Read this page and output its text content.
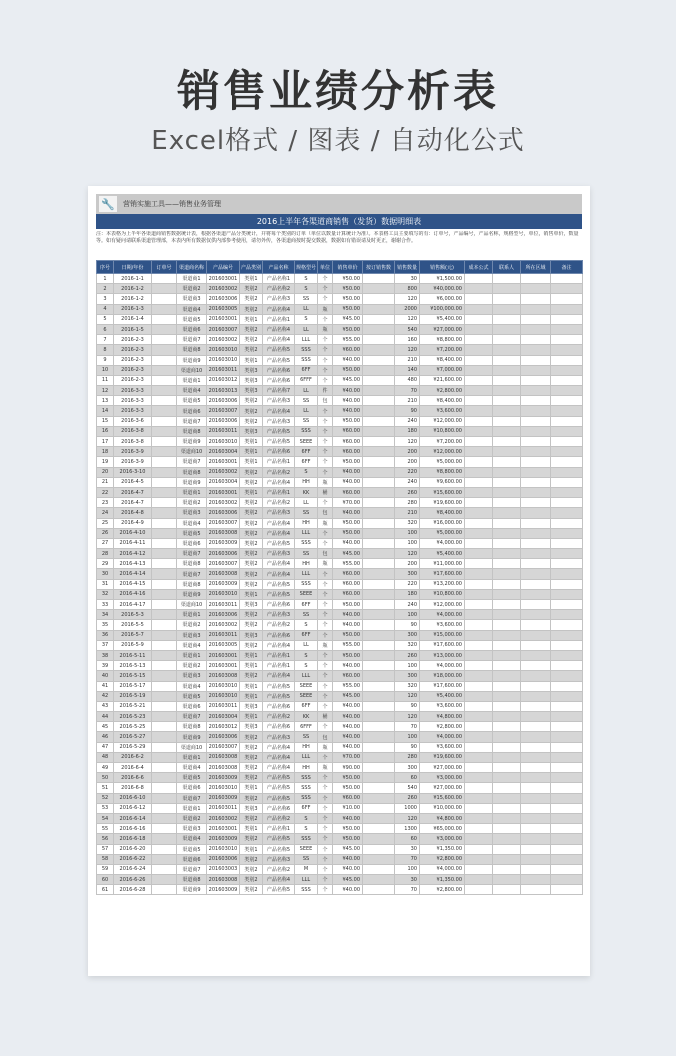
销售业绩分析表
Excel格式 / 图表 / 自动化公式
🔧	营销实施工具——销售业务管理
2016上半年各渠道商销售（发货）数据明细表
注：本表格为上半年各渠道商销售数据统计表，根据各渠道产品分类统计，并将每个类别的订单（单位以数量计算统计为准）。本表格工具主要填写的有：订单号，产品编号，产品名称，规格型号，单位，销售单价，数量等。如有疑问请联系渠道管理部，本表内所有数据仅供内部参考使用，请勿外传，各渠道商按时提交数据，数据如有错误请及时更正，谢谢合作。
序号	日期/年份	订单号	渠道商名称	产品编号	产品类别	产品名称	规格型号	单位	销售单价	按订销售数	销售数量	销售额(元)	成本公式	联系人	所在区域	备注
1	2016-1-1		渠道商1	201603001	类别1	产品名称1	S	个	¥50.00		30	¥1,500.00				
2	2016-1-2		渠道商2	201603002	类别2	产品名称2	S	个	¥50.00		800	¥40,000.00				
3	2016-1-2		渠道商3	201603006	类别2	产品名称3	SS	个	¥50.00		120	¥6,000.00				
4	2016-1-3		渠道商4	201603005	类别2	产品名称4	LL	瓶	¥50.00		2000	¥100,000.00				
5	2016-1-4		渠道商5	201603001	类别1	产品名称1	S	个	¥45.00		120	¥5,400.00				
6	2016-1-5		渠道商6	201603007	类别2	产品名称4	LL	瓶	¥50.00		540	¥27,000.00				
7	2016-2-3		渠道商7	201603002	类别2	产品名称4	LLL	个	¥55.00		160	¥8,800.00				
8	2016-2-3		渠道商8	201603010	类别2	产品名称5	SSS	个	¥60.00		120	¥7,200.00				
9	2016-2-3		渠道商9	201603010	类别1	产品名称5	SSS	个	¥40.00		210	¥8,400.00				
10	2016-2-3		渠道商10	201603011	类别3	产品名称6	6FF	个	¥50.00		140	¥7,000.00				
11	2016-2-3		渠道商1	201603012	类别3	产品名称6	6FFF	个	¥45.00		480	¥21,600.00				
12	2016-3-3		渠道商4	201603013	类别3	产品名称7	LL	件	¥40.00		70	¥2,800.00				
13	2016-3-3		渠道商5	201603006	类别2	产品名称3	SS	包	¥40.00		210	¥8,400.00				
14	2016-3-3		渠道商6	201603007	类别2	产品名称4	LL	个	¥40.00		90	¥3,600.00				
15	2016-3-6		渠道商7	201603006	类别2	产品名称3	SS	个	¥50.00		240	¥12,000.00				
16	2016-3-8		渠道商8	201603011	类别3	产品名称5	SSS	个	¥60.00		180	¥10,800.00				
17	2016-3-8		渠道商9	201603010	类别1	产品名称5	SEEE	个	¥60.00		120	¥7,200.00				
18	2016-3-9		渠道商10	201603004	类别1	产品名称6	6FF	个	¥60.00		200	¥12,000.00				
19	2016-3-9		渠道商7	201603001	类别1	产品名称1	6FF	个	¥50.00		200	¥5,000.00				
20	2016-3-10		渠道商8	201603002	类别2	产品名称2	S	个	¥40.00		220	¥8,800.00				
21	2016-4-5		渠道商9	201603004	类别2	产品名称4	HH	瓶	¥40.00		240	¥9,600.00				
22	2016-4-7		渠道商1	201603001	类别1	产品名称1	KK	桶	¥60.00		260	¥15,600.00				
23	2016-4-7		渠道商2	201603002	类别2	产品名称2	LL	个	¥70.00		280	¥19,600.00				
24	2016-4-8		渠道商3	201603006	类别2	产品名称3	SS	包	¥40.00		210	¥8,400.00				
25	2016-4-9		渠道商4	201603007	类别2	产品名称4	HH	瓶	¥50.00		320	¥16,000.00				
26	2016-4-10		渠道商5	201603008	类别2	产品名称4	LLL	个	¥50.00		100	¥5,000.00				
27	2016-4-11		渠道商6	201603009	类别2	产品名称5	SSS	个	¥40.00		100	¥4,000.00				
28	2016-4-12		渠道商7	201603006	类别2	产品名称3	SS	包	¥45.00		120	¥5,400.00				
29	2016-4-13		渠道商8	201603007	类别2	产品名称4	HH	瓶	¥55.00		200	¥11,000.00				
30	2016-4-14		渠道商7	201603008	类别2	产品名称4	LLL	个	¥60.00		300	¥17,600.00				
31	2016-4-15		渠道商8	201603009	类别2	产品名称5	SSS	个	¥60.00		220	¥13,200.00				
32	2016-4-16		渠道商9	201603010	类别1	产品名称5	SEEE	个	¥60.00		180	¥10,800.00				
33	2016-4-17		渠道商10	201603011	类别3	产品名称6	6FF	个	¥50.00		240	¥12,000.00				
34	2016-5-3		渠道商1	201603006	类别2	产品名称3	SS	个	¥40.00		100	¥4,000.00				
35	2016-5-5		渠道商2	201603002	类别2	产品名称2	S	个	¥40.00		90	¥3,600.00				
36	2016-5-7		渠道商3	201603011	类别3	产品名称6	6FF	个	¥50.00		300	¥15,000.00				
37	2016-5-9		渠道商4	201603005	类别2	产品名称4	LL	瓶	¥55.00		320	¥17,600.00				
38	2016-5-11		渠道商1	201603001	类别1	产品名称1	S	个	¥50.00		260	¥13,000.00				
39	2016-5-13		渠道商2	201603001	类别1	产品名称1	S	个	¥40.00		100	¥4,000.00				
40	2016-5-15		渠道商3	201603008	类别2	产品名称4	LLL	个	¥60.00		300	¥18,000.00				
41	2016-5-17		渠道商4	201603010	类别1	产品名称5	SEEE	个	¥55.00		320	¥17,600.00				
42	2016-5-19		渠道商5	201603010	类别1	产品名称5	SEEE	个	¥45.00		120	¥5,400.00				
43	2016-5-21		渠道商6	201603011	类别3	产品名称6	6FF	个	¥40.00		90	¥3,600.00				
44	2016-5-23		渠道商7	201603004	类别1	产品名称2	KK	桶	¥40.00		120	¥4,800.00				
45	2016-5-25		渠道商8	201603012	类别3	产品名称6	6FFF	个	¥40.00		70	¥2,800.00				
46	2016-5-27		渠道商9	201603006	类别2	产品名称3	SS	包	¥40.00		100	¥4,000.00				
47	2016-5-29		渠道商10	201603007	类别2	产品名称4	HH	瓶	¥40.00		90	¥3,600.00				
48	2016-6-2		渠道商1	201603008	类别2	产品名称4	LLL	个	¥70.00		280	¥19,600.00				
49	2016-6-4		渠道商4	201603008	类别2	产品名称4	HH	瓶	¥90.00		300	¥27,000.00				
50	2016-6-6		渠道商5	201603009	类别2	产品名称5	SSS	个	¥50.00		60	¥3,000.00				
51	2016-6-8		渠道商6	201603010	类别1	产品名称5	SSS	个	¥50.00		540	¥27,000.00				
52	2016-6-10		渠道商7	201603009	类别2	产品名称5	SSS	个	¥60.00		260	¥15,600.00				
53	2016-6-12		渠道商1	201603011	类别3	产品名称6	6FF	个	¥10.00		1000	¥10,000.00				
54	2016-6-14		渠道商2	201603002	类别2	产品名称2	S	个	¥40.00		120	¥4,800.00				
55	2016-6-16		渠道商3	201603001	类别1	产品名称1	S	个	¥50.00		1300	¥65,000.00				
56	2016-6-18		渠道商4	201603009	类别2	产品名称5	SSS	个	¥50.00		60	¥3,000.00				
57	2016-6-20		渠道商5	201603010	类别1	产品名称5	SEEE	个	¥45.00		30	¥1,350.00				
58	2016-6-22		渠道商6	201603006	类别2	产品名称3	SS	个	¥40.00		70	¥2,800.00				
59	2016-6-24		渠道商7	201603003	类别2	产品名称2	M	个	¥40.00		100	¥4,000.00				
60	2016-6-26		渠道商8	201603008	类别2	产品名称4	LLL	个	¥45.00		30	¥1,350.00				
61	2016-6-28		渠道商9	201603009	类别2	产品名称5	SSS	个	¥40.00		70	¥2,800.00				
